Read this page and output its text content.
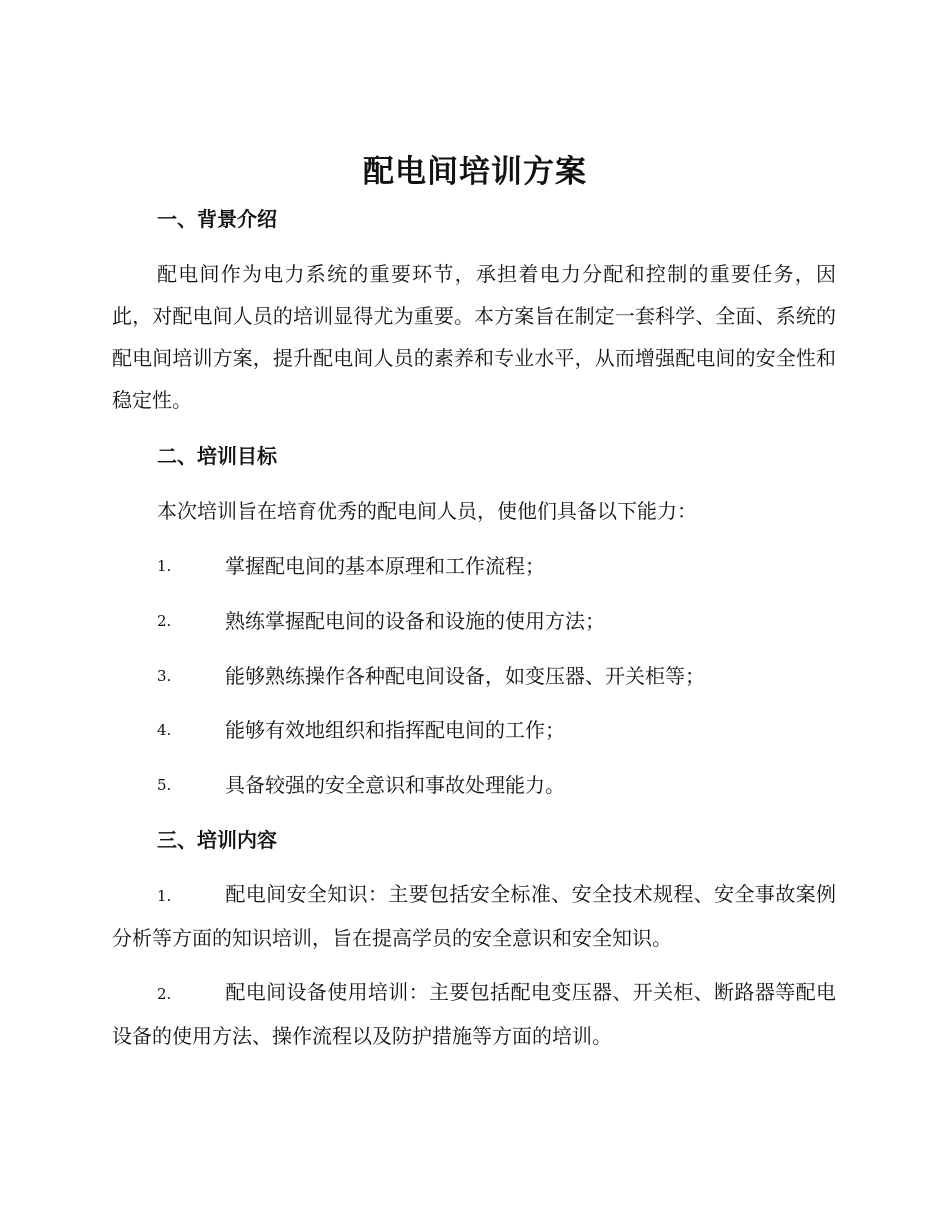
配电间培训方案
一、背景介绍

配电间作为电力系统的重要环节，承担着电力分配和控制的重要任务，因此，对配电间人员的培训显得尤为重要。本方案旨在制定一套科学、全面、系统的配电间培训方案，提升配电间人员的素养和专业水平，从而增强配电间的安全性和稳定性。

二、培训目标

本次培训旨在培育优秀的配电间人员，使他们具备以下能力：

1.	掌握配电间的基本原理和工作流程；
2.	熟练掌握配电间的设备和设施的使用方法；
3.	能够熟练操作各种配电间设备，如变压器、开关柜等；
4.	能够有效地组织和指挥配电间的工作；
5.	具备较强的安全意识和事故处理能力。
三、培训内容

1.	配电间安全知识：主要包括安全标准、安全技术规程、安全事故案例分析等方面的知识培训，旨在提高学员的安全意识和安全知识。

2.	配电间设备使用培训：主要包括配电变压器、开关柜、断路器等配电设备的使用方法、操作流程以及防护措施等方面的培训。
